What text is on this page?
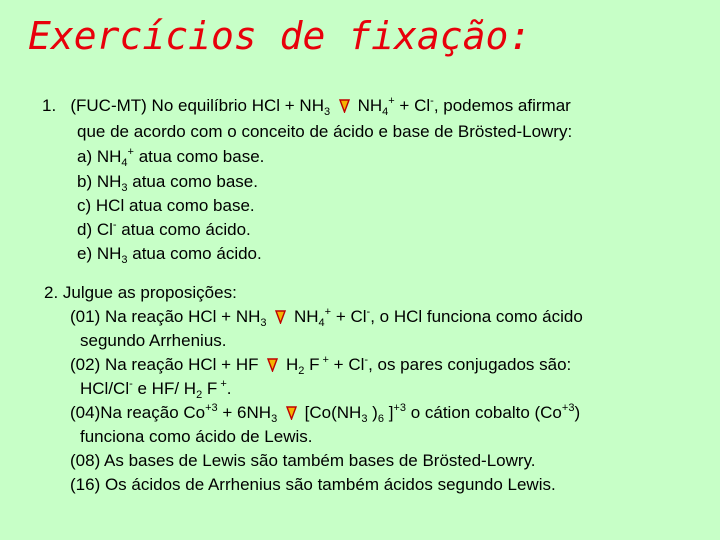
Exercícios de fixação:
1. (FUC-MT) No equilíbrio HCl + $NH_3$ $NH_4^+ + Cl^-$, podemos afirmar
que de acordo com o conceito de ácido e base de Brösted-Lowry:
a) $NH_4^+$ atua como base.
b) $NH_3$ atua como base.
c) HCl atua como base.
d) Cl- atua como ácido.
e) $NH_3$ atua como ácido.
2. Julgue as proposições:
(01) Na reação HCl + $NH_3$ $NH_4^+ + Cl^-$, o HCl funciona como ácido
segundo Arrhenius.
(02) Na reação HCl + HF $H_2$ F + + Cl-, os pares conjugados são:
HCl/Cl- e HF/ $H_2$ F +.
(04)Na reação $Co^{+3} + 6NH_3$ [$Co(NH_3$ )$_6$ ]$^{+3}$ o cátion cobalto $(Co^{+3})$
funciona como ácido de Lewis.
(08) As bases de Lewis são também bases de Brösted-Lowry.
(16) Os ácidos de Arrhenius são também ácidos segundo Lewis.
